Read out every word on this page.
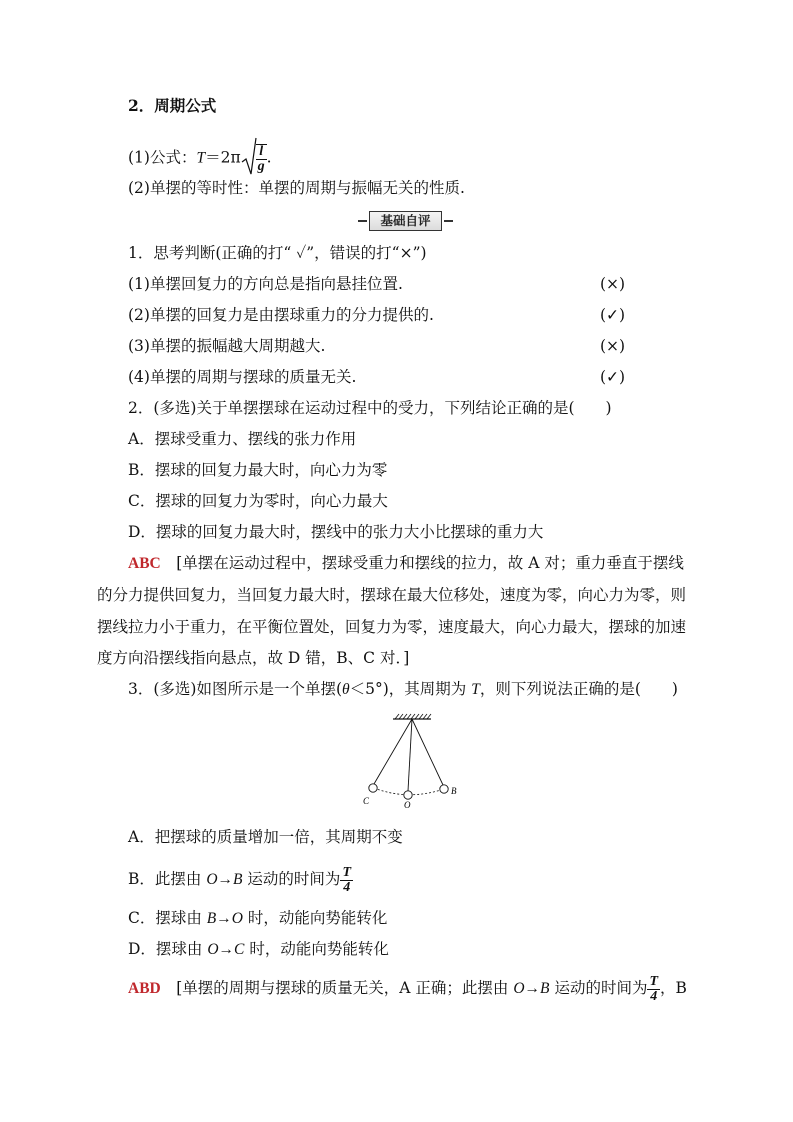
2．周期公式
(1)公式：$T=2\pi \frac{l}{g}$ .
(2)单摆的等时性：单摆的周期与振幅无关的性质.
基础自评
1．思考判断(正确的打“ ✓”，错误的打“×”)
(1)单摆回复力的方向总是指向悬挂位置.	(×)
(2)单摆的回复力是由摆球重力的分力提供的.	(✓)
(3)单摆的振幅越大周期越大.	(×)
(4)单摆的周期与摆球的质量无关.	(✓)
2．(多选)关于单摆摆球在运动过程中的受力，下列结论正确的是(　　)
A．摆球受重力、摆线的张力作用
B．摆球的回复力最大时，向心力为零
C．摆球的回复力为零时，向心力最大
D．摆球的回复力最大时，摆线中的张力大小比摆球的重力大
ABC　 [单摆在运动过程中，摆球受重力和摆线的拉力，故 A 对；重力垂直于摆线
的分力提供回复力，当回复力最大时，摆球在最大位移处，速度为零，向心力为零，则
摆线拉力小于重力，在平衡位置处，回复力为零，速度最大，向心力最大，摆球的加速
度方向沿摆线指向悬点，故 D 错，B、C 对．]
3．(多选)如图所示是一个单摆(θ＜5°)，其周期为 T，则下列说法正确的是(　　)
C	O
B
A．把摆球的质量增加一倍，其周期不变
B．此摆由 O→B 运动的时间为 $\frac{T}{4}$
C．摆球由 B→O 时，动能向势能转化
D．摆球由 O→C 时，动能向势能转化
ABD　 [单摆的周期与摆球的质量无关，A 正确；此摆由 O→B 运动的时间为 $\frac{T}{4}$ ，B
